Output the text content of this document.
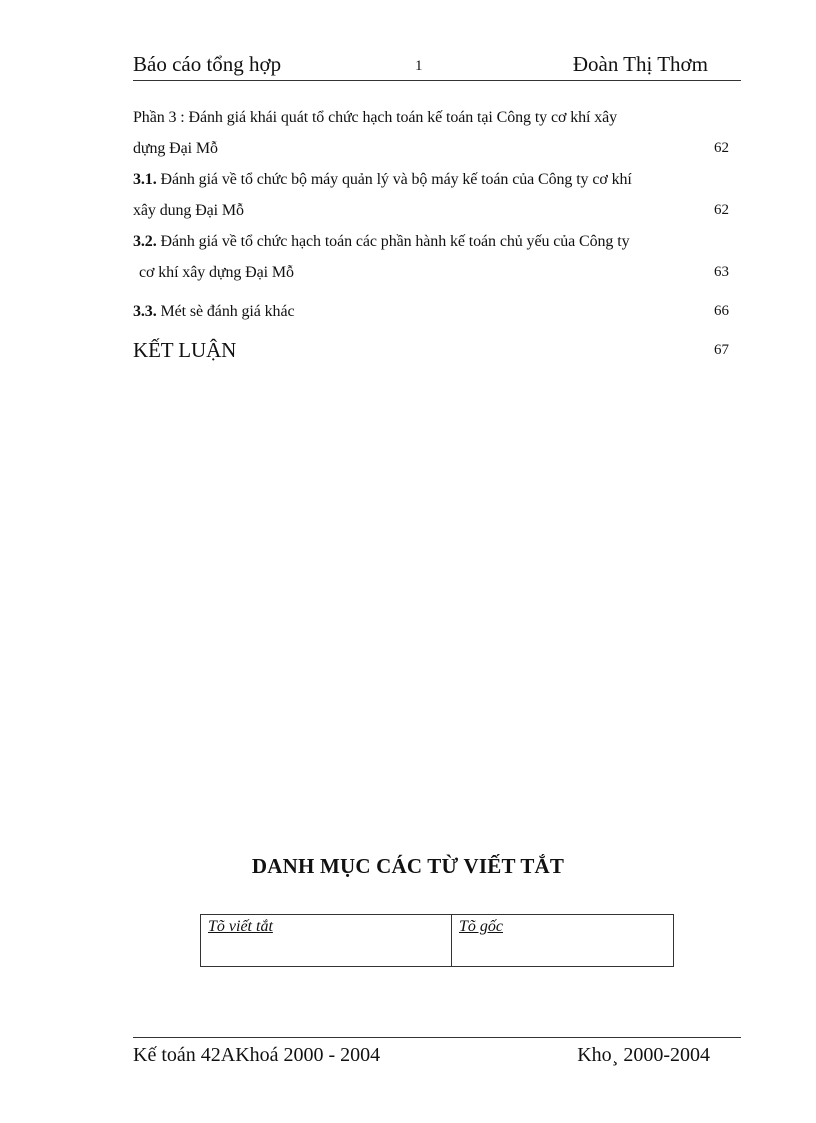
Báo cáo tổng hợp	1	Đoàn Thị Thơm
Phần 3 : Đánh giá khái quát tổ chức hạch toán kế toán tại Công ty cơ khí xây
dựng Đại Mỗ	62
3.1. Đánh giá về tổ chức bộ máy quản lý và bộ máy kế toán của Công ty cơ khí
xây dung Đại Mỗ	62
3.2. Đánh giá về tổ chức hạch toán các phần hành kế toán chủ yếu của Công ty
cơ khí xây dựng Đại Mỗ	63
3.3. Mét sè đánh giá khác	66
KẾT LUẬN	67
DANH MỤC CÁC TỪ VIẾT TẮT
Tõ viết tắt	Tõ gốc
Kế toán 42AKhoá 2000 - 2004	Kho¸ 2000-2004
